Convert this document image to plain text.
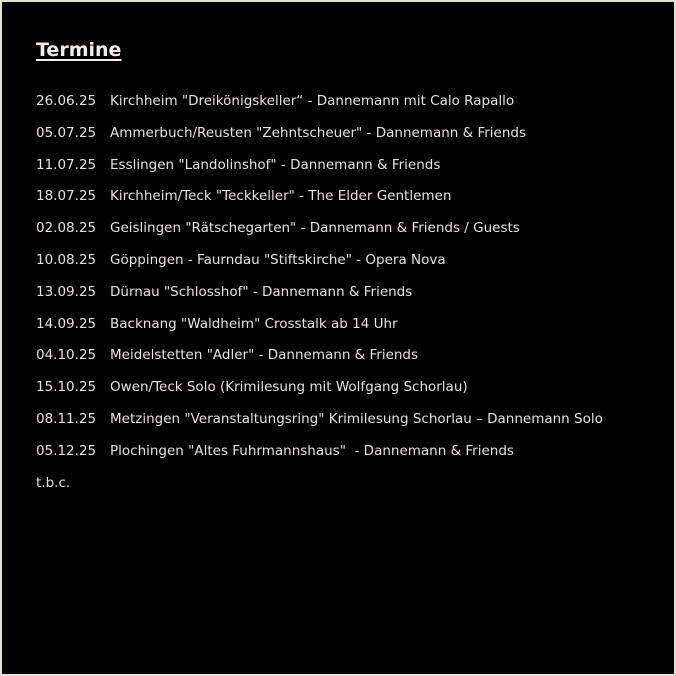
Termine
26.06.25	Kirchheim "Dreikönigskeller“ - Dannemann mit Calo Rapallo
05.07.25	Ammerbuch/Reusten "Zehntscheuer" - Dannemann & Friends
11.07.25	Esslingen "Landolinshof" - Dannemann & Friends
18.07.25	Kirchheim/Teck "Teckkeller" - The Elder Gentlemen
02.08.25	Geislingen "Rätschegarten" - Dannemann & Friends / Guests
10.08.25	Göppingen - Faurndau "Stiftskirche" - Opera Nova
13.09.25	Dürnau "Schlosshof" - Dannemann & Friends
14.09.25	Backnang "Waldheim" Crosstalk ab 14 Uhr
04.10.25	Meidelstetten "Adler" - Dannemann & Friends
15.10.25	Owen/Teck Solo (Krimilesung mit Wolfgang Schorlau)
08.11.25	Metzingen "Veranstaltungsring" Krimilesung Schorlau – Dannemann Solo
05.12.25	Plochingen "Altes Fuhrmannshaus"  - Dannemann & Friends

t.b.c.
